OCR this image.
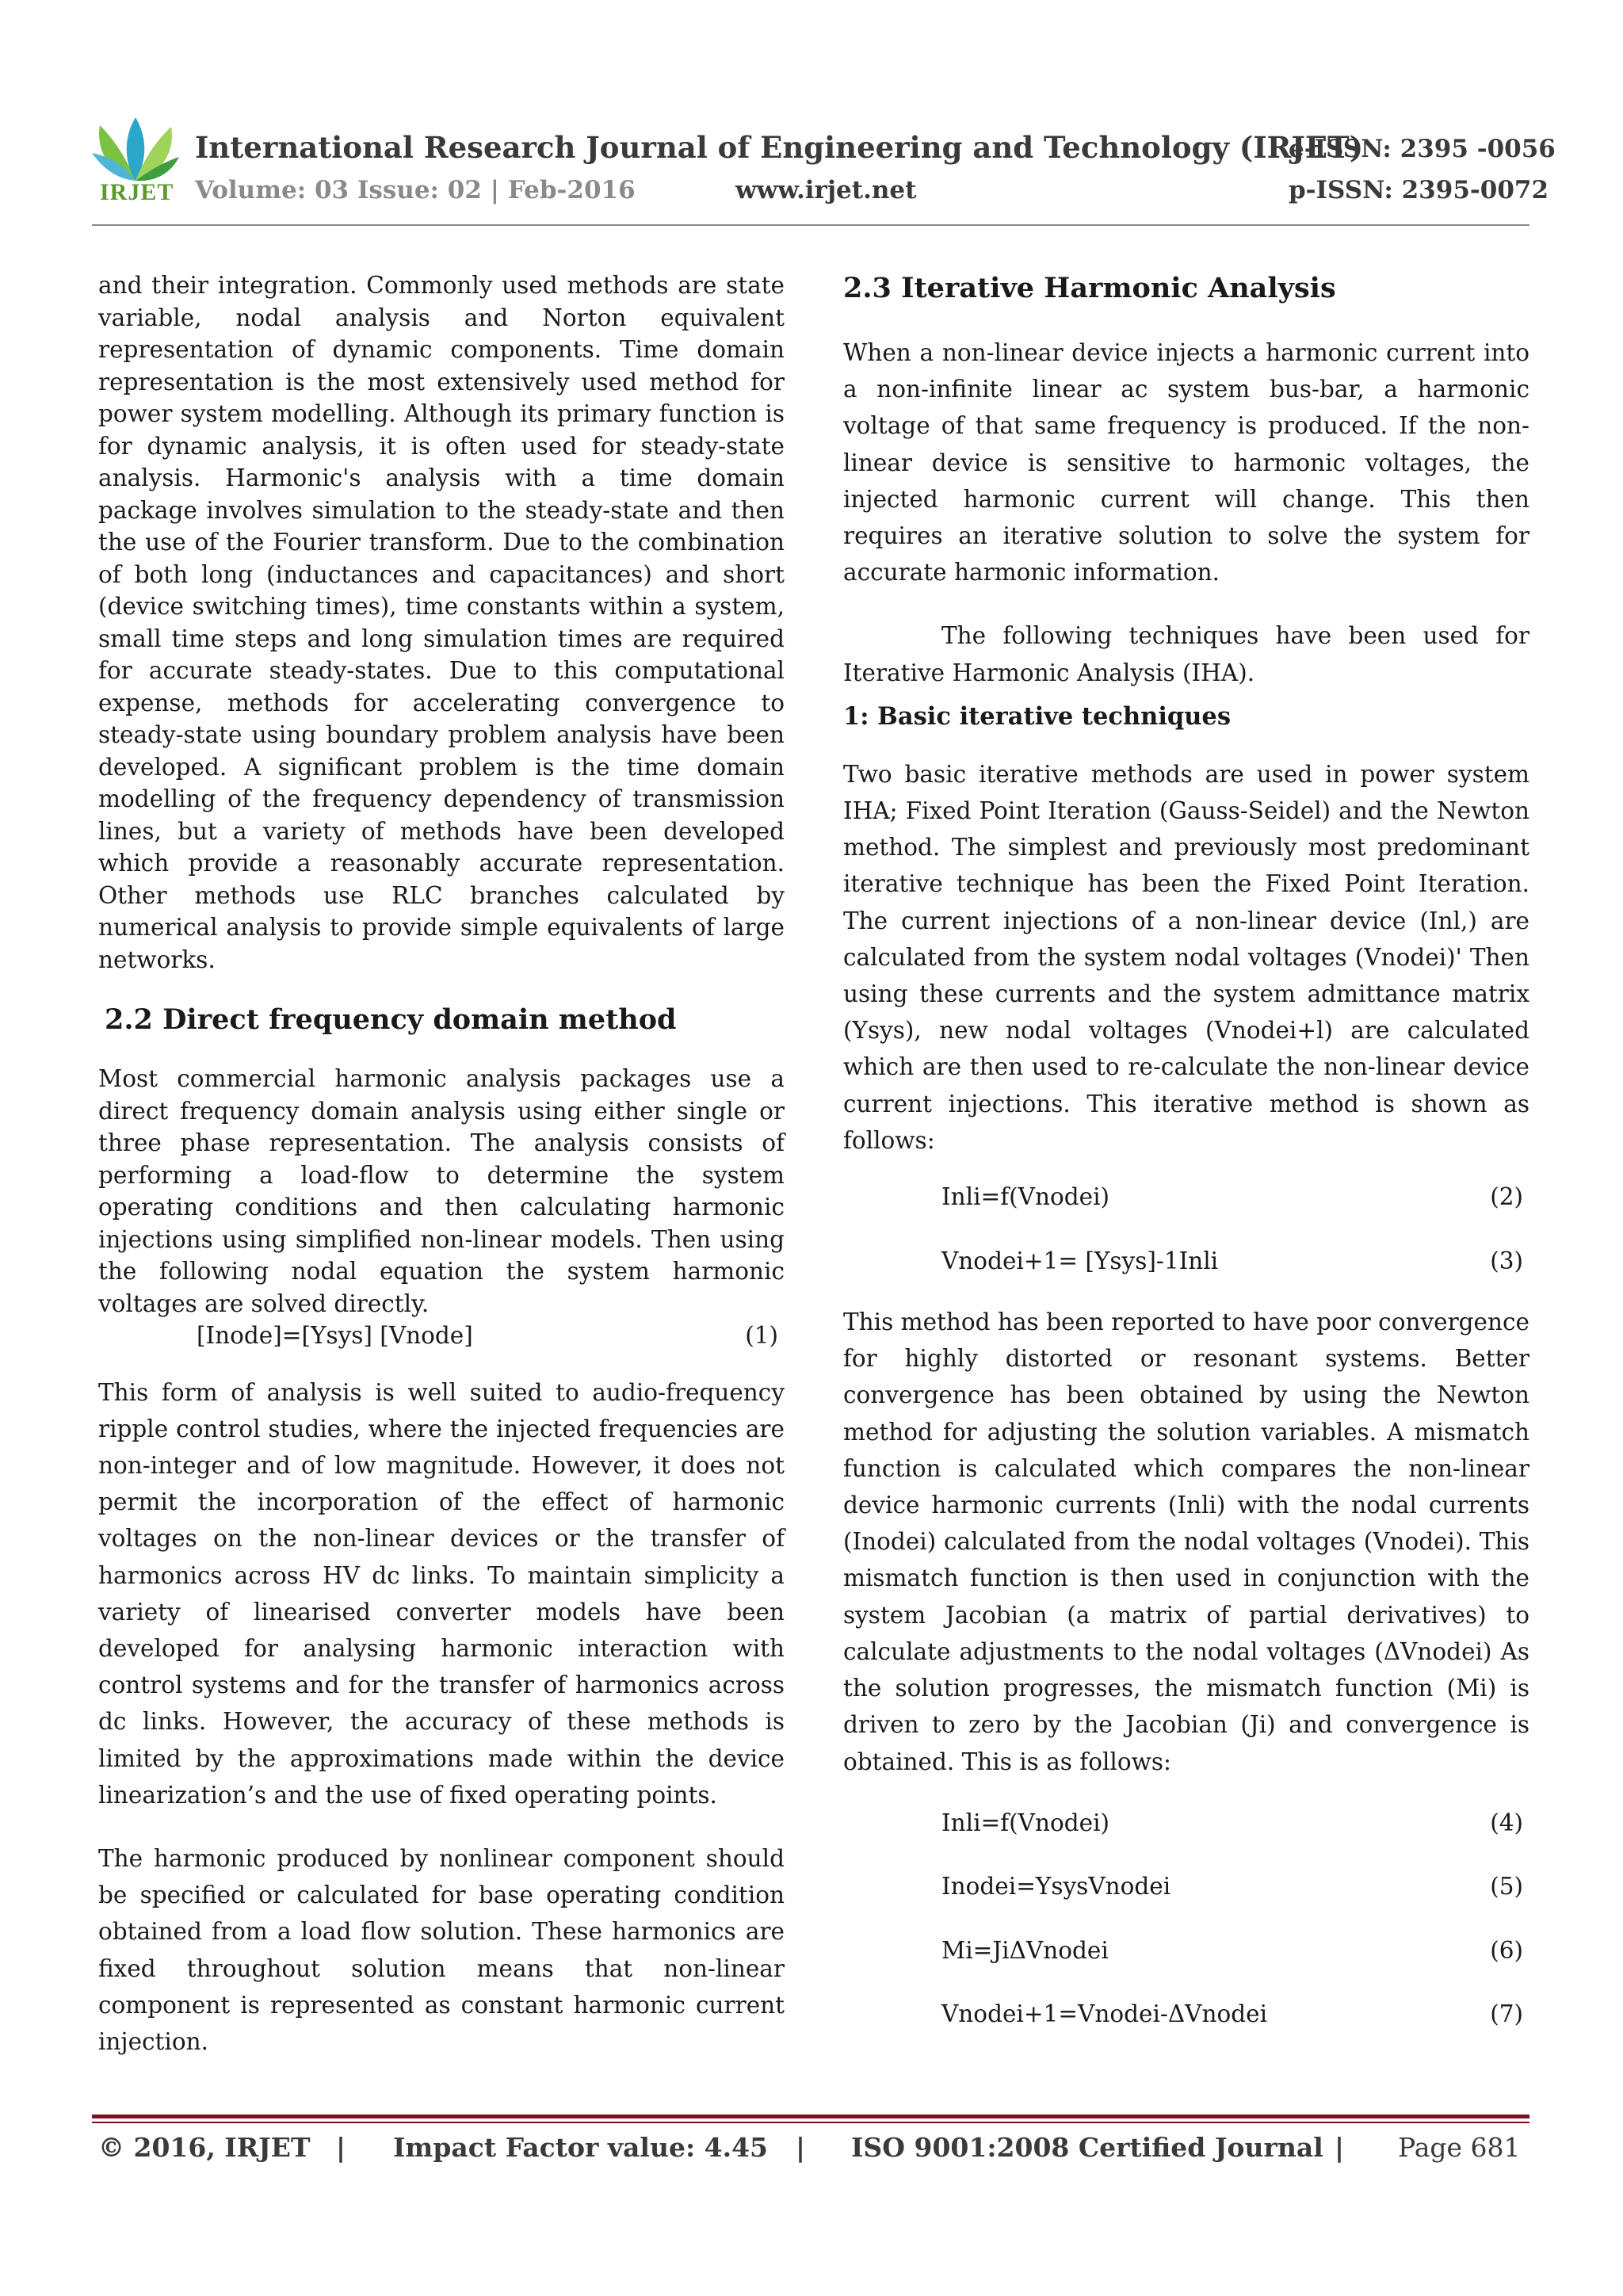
IRJET
International Research Journal of Engineering and Technology (IRJET)
e-ISSN: 2395 -0056
Volume: 03 Issue: 02 | Feb-2016	www.irjet.net	p-ISSN: 2395-0072

and their integration. Commonly used methods are state variable, nodal analysis and Norton equivalent representation of dynamic components. Time domain representation is the most extensively used method for power system modelling. Although its primary function is for dynamic analysis, it is often used for steady-state analysis. Harmonic's analysis with a time domain package involves simulation to the steady-state and then the use of the Fourier transform. Due to the combination of both long (inductances and capacitances) and short (device switching times), time constants within a system, small time steps and long simulation times are required for accurate steady-states. Due to this computational expense, methods for accelerating convergence to steady-state using boundary problem analysis have been developed. A significant problem is the time domain modelling of the frequency dependency of transmission lines, but a variety of methods have been developed which provide a reasonably accurate representation. Other methods use RLC branches calculated by numerical analysis to provide simple equivalents of large networks.

2.2 Direct frequency domain method

Most commercial harmonic analysis packages use a direct frequency domain analysis using either single or three phase representation. The analysis consists of performing a load-flow to determine the system operating conditions and then calculating harmonic injections using simplified non-linear models. Then using the following nodal equation the system harmonic voltages are solved directly.

[Inode]=[Ysys] [Vnode]	(1)

This form of analysis is well suited to audio-frequency ripple control studies, where the injected frequencies are non-integer and of low magnitude. However, it does not permit the incorporation of the effect of harmonic voltages on the non-linear devices or the transfer of harmonics across HV dc links. To maintain simplicity a variety of linearised converter models have been developed for analysing harmonic interaction with control systems and for the transfer of harmonics across dc links. However, the accuracy of these methods is limited by the approximations made within the device linearization’s and the use of fixed operating points.

The harmonic produced by nonlinear component should be specified or calculated for base operating condition obtained from a load flow solution. These harmonics are fixed throughout solution means that non-linear component is represented as constant harmonic current injection.

2.3 Iterative Harmonic Analysis

When a non-linear device injects a harmonic current into a non-infinite linear ac system bus-bar, a harmonic voltage of that same frequency is produced. If the non-linear device is sensitive to harmonic voltages, the injected harmonic current will change. This then requires an iterative solution to solve the system for accurate harmonic information.

The following techniques have been used for Iterative Harmonic Analysis (IHA).

1: Basic iterative techniques

Two basic iterative methods are used in power system IHA; Fixed Point Iteration (Gauss-Seidel) and the Newton method. The simplest and previously most predominant iterative technique has been the Fixed Point Iteration. The current injections of a non-linear device (Inl,) are calculated from the system nodal voltages (Vnodei)' Then using these currents and the system admittance matrix (Ysys), new nodal voltages (Vnodei+l) are calculated which are then used to re-calculate the non-linear device current injections. This iterative method is shown as follows:

Inli=f(Vnodei)	(2)
Vnodei+1= [Ysys]-1Inli	(3)

This method has been reported to have poor convergence for highly distorted or resonant systems. Better convergence has been obtained by using the Newton method for adjusting the solution variables. A mismatch function is calculated which compares the non-linear device harmonic currents (Inli) with the nodal currents (Inodei) calculated from the nodal voltages (Vnodei). This mismatch function is then used in conjunction with the system Jacobian (a matrix of partial derivatives) to calculate adjustments to the nodal voltages (ΔVnodei) As the solution progresses, the mismatch function (Mi) is driven to zero by the Jacobian (Ji) and convergence is obtained. This is as follows:

Inli=f(Vnodei)	(4)
Inodei=YsysVnodei	(5)
Mi=JiΔVnodei	(6)
Vnodei+1=Vnodei-ΔVnodei	(7)
© 2016, IRJET | Impact Factor value: 4.45 | ISO 9001:2008 Certified Journal | Page 681
